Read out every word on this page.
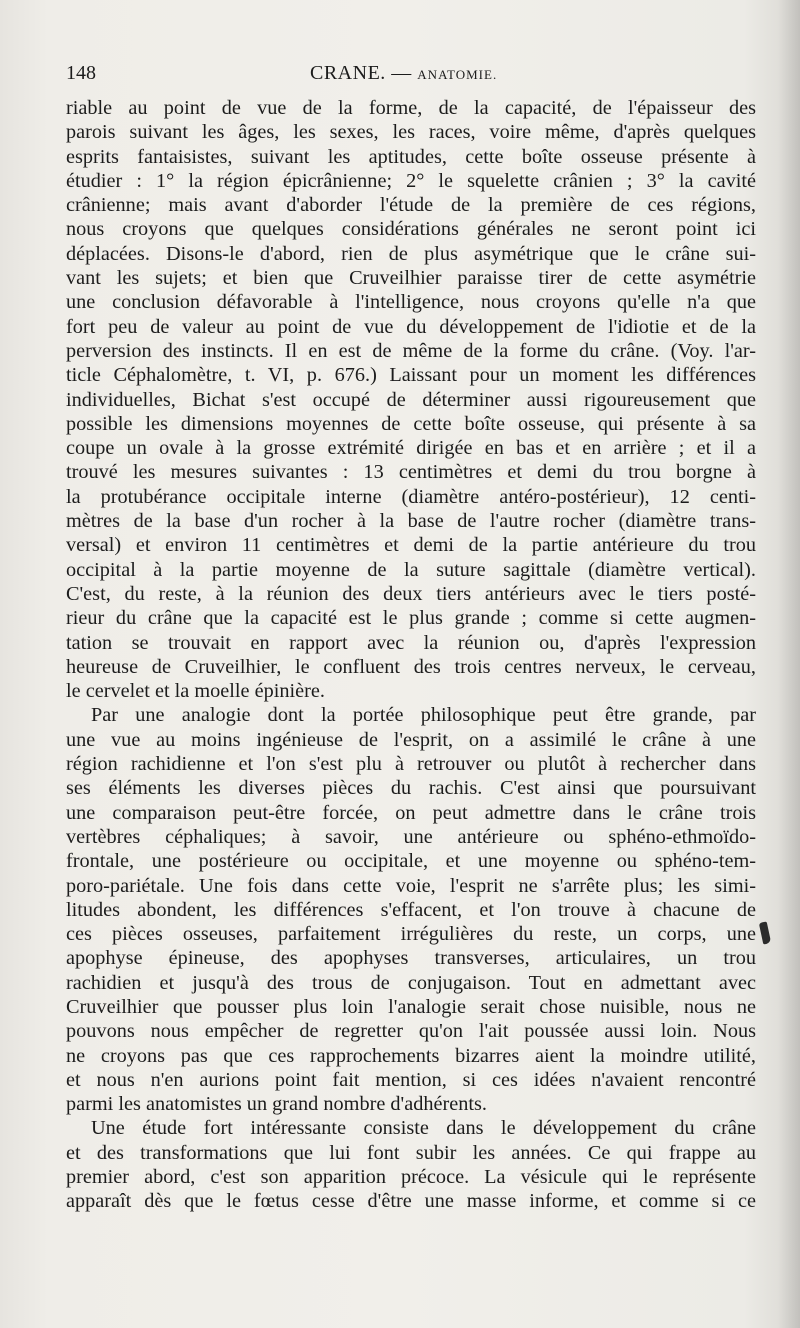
148	CRANE. — ANATOMIE.
riable au point de vue de la forme, de la capacité, de l'épaisseur des
parois suivant les âges, les sexes, les races, voire même, d'après quelques
esprits fantaisistes, suivant les aptitudes, cette boîte osseuse présente à
étudier : 1° la région épicrânienne; 2° le squelette crânien ; 3° la cavité
crânienne; mais avant d'aborder l'étude de la première de ces régions,
nous croyons que quelques considérations générales ne seront point ici
déplacées. Disons-le d'abord, rien de plus asymétrique que le crâne sui-
vant les sujets; et bien que Cruveilhier paraisse tirer de cette asymétrie
une conclusion défavorable à l'intelligence, nous croyons qu'elle n'a que
fort peu de valeur au point de vue du développement de l'idiotie et de la
perversion des instincts. Il en est de même de la forme du crâne. (Voy. l'ar-
ticle Céphalomètre, t. VI, p. 676.) Laissant pour un moment les différences
individuelles, Bichat s'est occupé de déterminer aussi rigoureusement que
possible les dimensions moyennes de cette boîte osseuse, qui présente à sa
coupe un ovale à la grosse extrémité dirigée en bas et en arrière ; et il a
trouvé les mesures suivantes : 13 centimètres et demi du trou borgne à
la protubérance occipitale interne (diamètre antéro-postérieur), 12 centi-
mètres de la base d'un rocher à la base de l'autre rocher (diamètre trans-
versal) et environ 11 centimètres et demi de la partie antérieure du trou
occipital à la partie moyenne de la suture sagittale (diamètre vertical).
C'est, du reste, à la réunion des deux tiers antérieurs avec le tiers posté-
rieur du crâne que la capacité est le plus grande ; comme si cette augmen-
tation se trouvait en rapport avec la réunion ou, d'après l'expression
heureuse de Cruveilhier, le confluent des trois centres nerveux, le cerveau,
le cervelet et la moelle épinière.
Par une analogie dont la portée philosophique peut être grande, par
une vue au moins ingénieuse de l'esprit, on a assimilé le crâne à une
région rachidienne et l'on s'est plu à retrouver ou plutôt à rechercher dans
ses éléments les diverses pièces du rachis. C'est ainsi que poursuivant
une comparaison peut-être forcée, on peut admettre dans le crâne trois
vertèbres céphaliques; à savoir, une antérieure ou sphéno-ethmoïdo-
frontale, une postérieure ou occipitale, et une moyenne ou sphéno-tem-
poro-pariétale. Une fois dans cette voie, l'esprit ne s'arrête plus; les simi-
litudes abondent, les différences s'effacent, et l'on trouve à chacune de
ces pièces osseuses, parfaitement irrégulières du reste, un corps, une
apophyse épineuse, des apophyses transverses, articulaires, un trou
rachidien et jusqu'à des trous de conjugaison. Tout en admettant avec
Cruveilhier que pousser plus loin l'analogie serait chose nuisible, nous ne
pouvons nous empêcher de regretter qu'on l'ait poussée aussi loin. Nous
ne croyons pas que ces rapprochements bizarres aient la moindre utilité,
et nous n'en aurions point fait mention, si ces idées n'avaient rencontré
parmi les anatomistes un grand nombre d'adhérents.
Une étude fort intéressante consiste dans le développement du crâne
et des transformations que lui font subir les années. Ce qui frappe au
premier abord, c'est son apparition précoce. La vésicule qui le représente
apparaît dès que le fœtus cesse d'être une masse informe, et comme si ce
